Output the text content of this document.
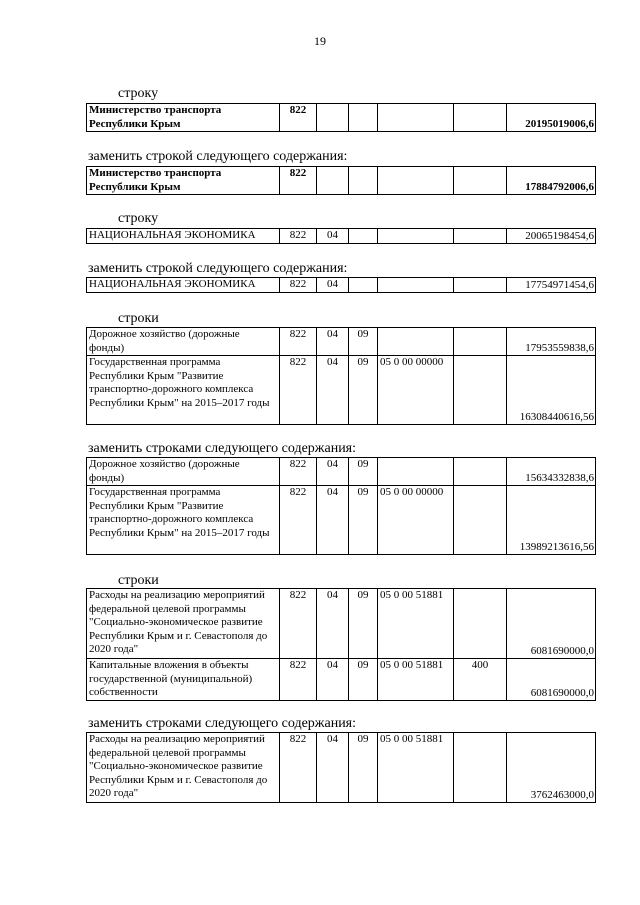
19
строку
Министерство транспорта Республики Крым	822					20195019006,6
заменить строкой следующего содержания:
Министерство транспорта Республики Крым	822					17884792006,6
строку
НАЦИОНАЛЬНАЯ ЭКОНОМИКА	822	04				20065198454,6
заменить строкой следующего содержания:
НАЦИОНАЛЬНАЯ ЭКОНОМИКА	822	04				17754971454,6
строки
Дорожное хозяйство (дорожные фонды)	822	04	09			17953559838,6
Государственная программа Республики Крым "Развитие транспортно-дорожного комплекса Республики Крым" на 2015–2017 годы	822	04	09	05 0 00 00000		16308440616,56
заменить строками следующего содержания:
Дорожное хозяйство (дорожные фонды)	822	04	09			15634332838,6
Государственная программа Республики Крым "Развитие транспортно-дорожного комплекса Республики Крым" на 2015–2017 годы	822	04	09	05 0 00 00000		13989213616,56
строки
Расходы на реализацию мероприятий федеральной целевой программы "Социально-экономическое развитие Республики Крым и г. Севастополя до 2020 года"	822	04	09	05 0 00 51881		6081690000,0
Капитальные вложения в объекты государственной (муниципальной) собственности	822	04	09	05 0 00 51881	400	6081690000,0
заменить строками следующего содержания:
Расходы на реализацию мероприятий федеральной целевой программы "Социально-экономическое развитие Республики Крым и г. Севастополя до 2020 года"	822	04	09	05 0 00 51881		3762463000,0
